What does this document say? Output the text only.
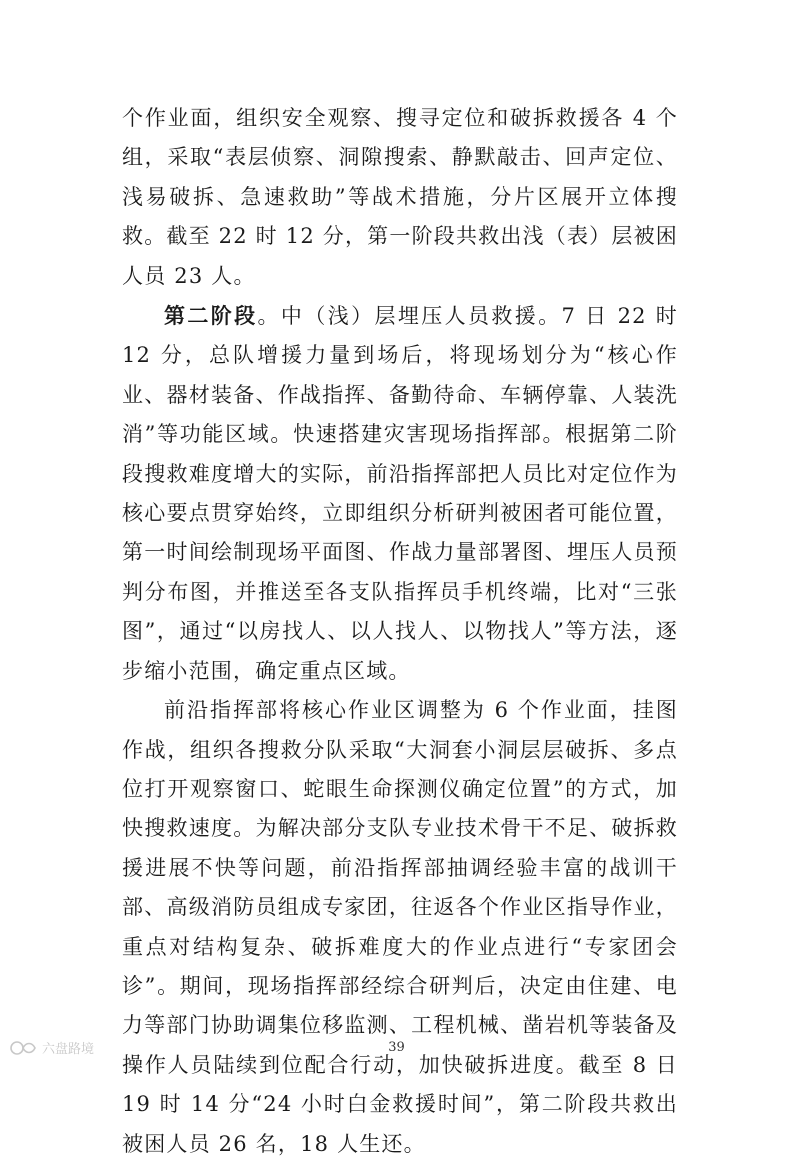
个作业面，组织安全观察、搜寻定位和破拆救援各 4 个组，采取“表层侦察、洞隙搜索、静默敲击、回声定位、浅易破拆、急速救助”等战术措施，分片区展开立体搜救。截至 22 时 12 分，第一阶段共救出浅（表）层被困人员 23 人。

第二阶段。中（浅）层埋压人员救援。7 日 22 时 12 分，总队增援力量到场后，将现场划分为“核心作业、器材装备、作战指挥、备勤待命、车辆停靠、人装洗消”等功能区域。快速搭建灾害现场指挥部。根据第二阶段搜救难度增大的实际，前沿指挥部把人员比对定位作为核心要点贯穿始终，立即组织分析研判被困者可能位置，第一时间绘制现场平面图、作战力量部署图、埋压人员预判分布图，并推送至各支队指挥员手机终端，比对“三张图”，通过“以房找人、以人找人、以物找人”等方法，逐步缩小范围，确定重点区域。

前沿指挥部将核心作业区调整为 6 个作业面，挂图作战，组织各搜救分队采取“大洞套小洞层层破拆、多点位打开观察窗口、蛇眼生命探测仪确定位置”的方式，加快搜救速度。为解决部分支队专业技术骨干不足、破拆救援进展不快等问题，前沿指挥部抽调经验丰富的战训干部、高级消防员组成专家团，往返各个作业区指导作业，重点对结构复杂、破拆难度大的作业点进行“专家团会诊”。期间，现场指挥部经综合研判后，决定由住建、电力等部门协助调集位移监测、工程机械、凿岩机等装备及操作人员陆续到位配合行动，加快破拆进度。截至 8 日 19 时 14 分“24 小时白金救援时间”，第二阶段共救出被困人员 26 名，18 人生还。

39
六盘路境
